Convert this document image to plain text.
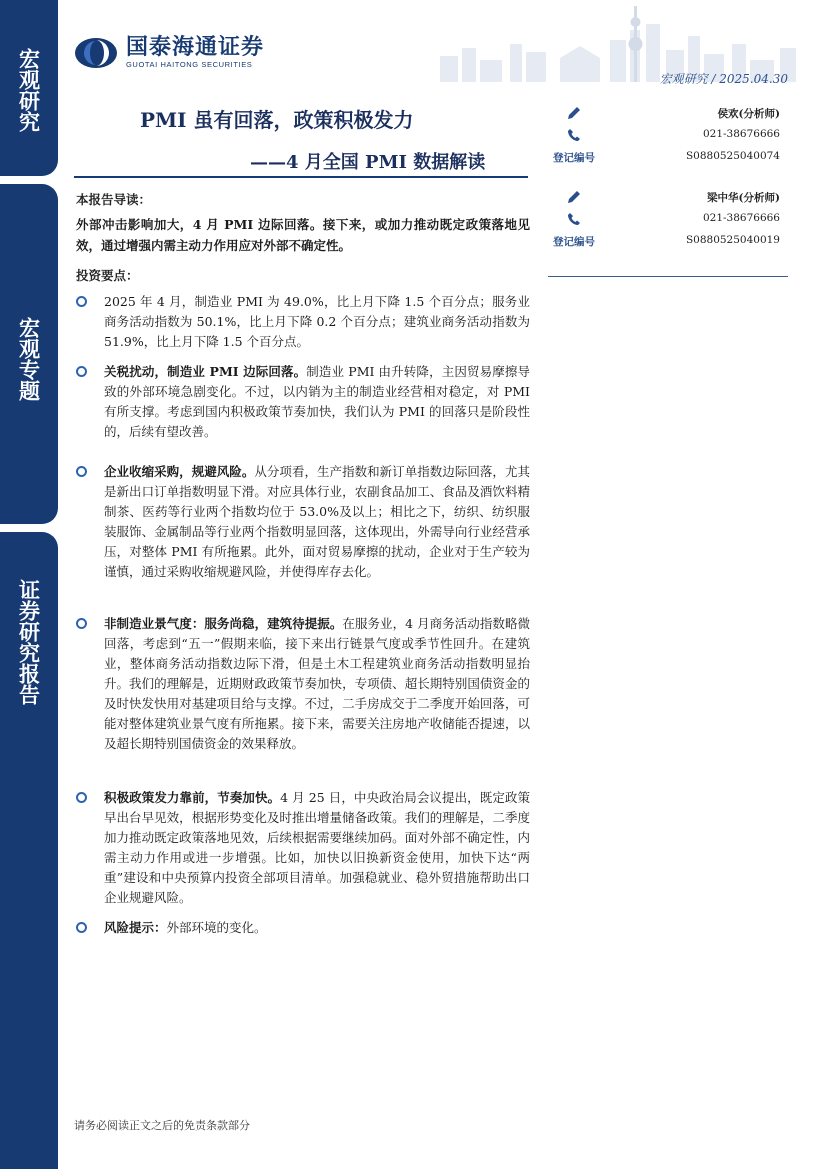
宏观研究
宏观专题
证券研究报告
国泰海通证券
GUOTAI HAITONG SECURITIES
宏观研究 / 2025.04.30
PMI 虽有回落，政策积极发力
——4 月全国 PMI 数据解读
侯欢(分析师)
021-38676666
登记编号	S0880525040074
梁中华(分析师)
021-38676666
登记编号	S0880525040019
本报告导读：
外部冲击影响加大，4 月 PMI 边际回落。接下来，或加力推动既定政策落地见效，通过增强内需主动力作用应对外部不确定性。
投资要点：
2025 年 4 月，制造业 PMI 为 49.0%，比上月下降 1.5 个百分点；服务业商务活动指数为 50.1%，比上月下降 0.2 个百分点；建筑业商务活动指数为 51.9%，比上月下降 1.5 个百分点。
关税扰动，制造业 PMI 边际回落。制造业 PMI 由升转降，主因贸易摩擦导致的外部环境急剧变化。不过，以内销为主的制造业经营相对稳定，对 PMI 有所支撑。考虑到国内积极政策节奏加快，我们认为 PMI 的回落只是阶段性的，后续有望改善。
企业收缩采购，规避风险。从分项看，生产指数和新订单指数边际回落，尤其是新出口订单指数明显下滑。对应具体行业，农副食品加工、食品及酒饮料精制茶、医药等行业两个指数均位于 53.0%及以上；相比之下，纺织、纺织服装服饰、金属制品等行业两个指数明显回落，这体现出，外需导向行业经营承压，对整体 PMI 有所拖累。此外，面对贸易摩擦的扰动，企业对于生产较为谨慎，通过采购收缩规避风险，并使得库存去化。
非制造业景气度：服务尚稳，建筑待提振。在服务业，4 月商务活动指数略微回落，考虑到“五一”假期来临，接下来出行链景气度或季节性回升。在建筑业，整体商务活动指数边际下滑，但是土木工程建筑业商务活动指数明显抬升。我们的理解是，近期财政政策节奏加快，专项债、超长期特别国债资金的及时快发快用对基建项目给与支撑。不过，二手房成交于二季度开始回落，可能对整体建筑业景气度有所拖累。接下来，需要关注房地产收储能否提速，以及超长期特别国债资金的效果释放。
积极政策发力靠前，节奏加快。4 月 25 日，中央政治局会议提出，既定政策早出台早见效，根据形势变化及时推出增量储备政策。我们的理解是，二季度加力推动既定政策落地见效，后续根据需要继续加码。面对外部不确定性，内需主动力作用或进一步增强。比如，加快以旧换新资金使用，加快下达“两重”建设和中央预算内投资全部项目清单。加强稳就业、稳外贸措施帮助出口企业规避风险。
风险提示：外部环境的变化。
请务必阅读正文之后的免责条款部分
